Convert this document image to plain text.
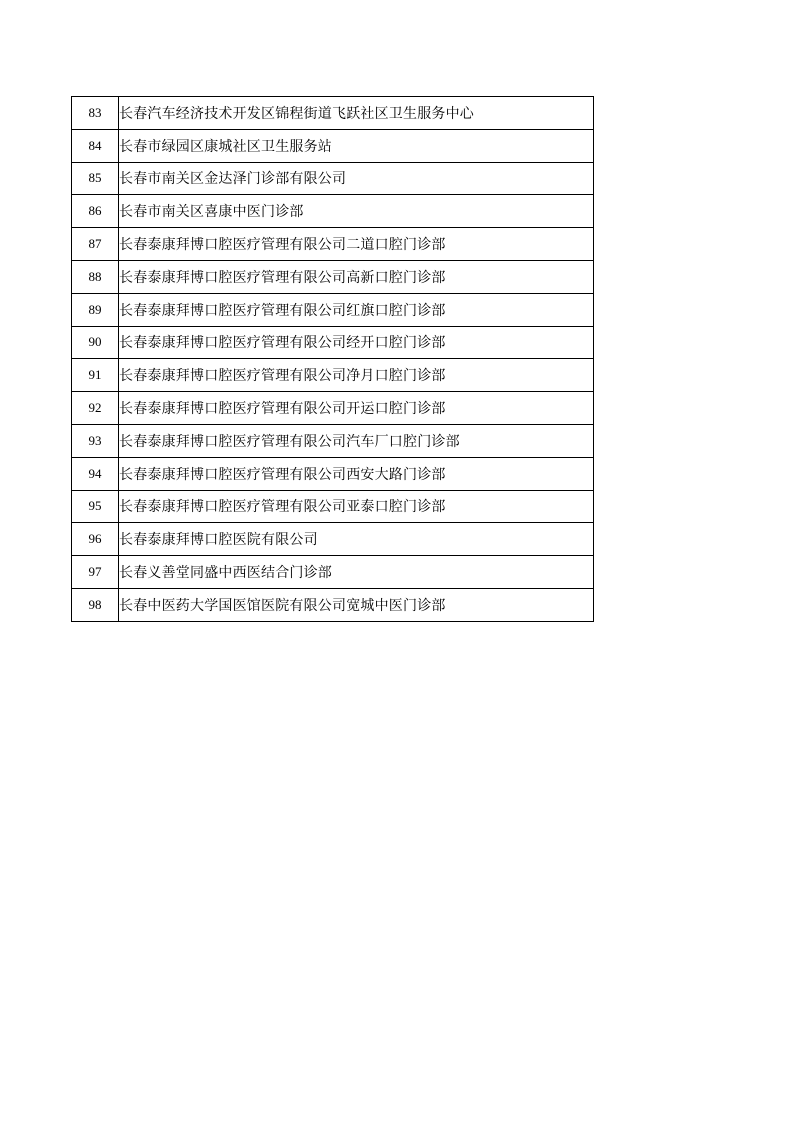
83	长春汽车经济技术开发区锦程街道飞跃社区卫生服务中心
84	长春市绿园区康城社区卫生服务站
85	长春市南关区金达泽门诊部有限公司
86	长春市南关区喜康中医门诊部
87	长春泰康拜博口腔医疗管理有限公司二道口腔门诊部
88	长春泰康拜博口腔医疗管理有限公司高新口腔门诊部
89	长春泰康拜博口腔医疗管理有限公司红旗口腔门诊部
90	长春泰康拜博口腔医疗管理有限公司经开口腔门诊部
91	长春泰康拜博口腔医疗管理有限公司净月口腔门诊部
92	长春泰康拜博口腔医疗管理有限公司开运口腔门诊部
93	长春泰康拜博口腔医疗管理有限公司汽车厂口腔门诊部
94	长春泰康拜博口腔医疗管理有限公司西安大路门诊部
95	长春泰康拜博口腔医疗管理有限公司亚泰口腔门诊部
96	长春泰康拜博口腔医院有限公司
97	长春义善堂同盛中西医结合门诊部
98	长春中医药大学国医馆医院有限公司宽城中医门诊部
